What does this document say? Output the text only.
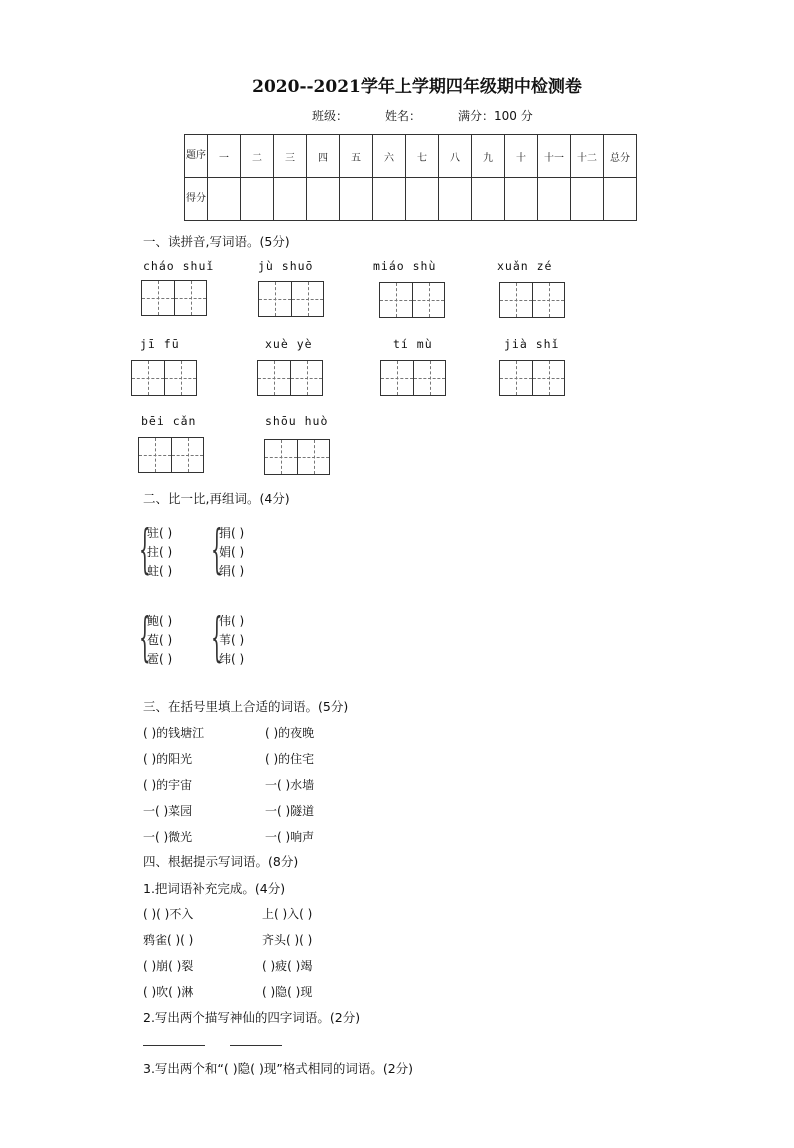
2020--2021学年上学期四年级期中检测卷
班级：	姓名：	满分：100 分
题序	一	二	三	四	五	六	七	八	九	十	十一	十二	总分
得分													
一、读拼音,写词语。(5分)
cháo shuǐ	jù shuō	miáo shù	xuǎn zé
jī fū	xuè yè	tí mù	jià shǐ
bēi cǎn	shōu huò
二、比一比,再组词。(4分)
{
驻( )
拄( )
蛀( ) {
捐( )
娟( )
绢( )
{
鲍( )
苞( )
雹( ) {
伟( )
苇( )
纬( )
三、在括号里填上合适的词语。(5分)
( )的钱塘江	( )的夜晚
( )的阳光	( )的住宅
( )的宇宙	一( )水墙
一( )菜园	一( )隧道
一( )微光	一( )响声
四、根据提示写词语。(8分)
1.把词语补充完成。(4分)
( )( )不入	上( )入( )
鸦雀( )( )	齐头( )( )
( )崩( )裂	( )疲( )竭
( )吹( )淋	( )隐( )现
2.写出两个描写神仙的四字词语。(2分)
3.写出两个和“( )隐( )现”格式相同的词语。(2分)
